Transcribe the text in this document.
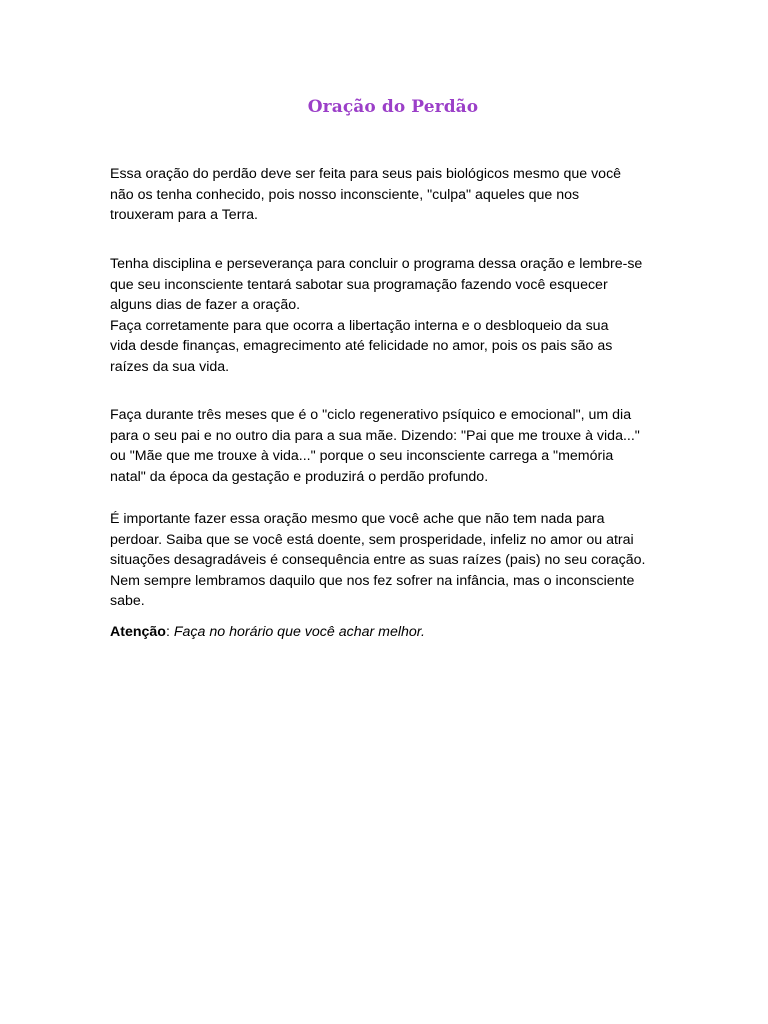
Oração do Perdão

Essa oração do perdão deve ser feita para seus pais biológicos mesmo que você
não os tenha conhecido, pois nosso inconsciente, "culpa" aqueles que nos
trouxeram para a Terra.

Tenha disciplina e perseverança para concluir o programa dessa oração e lembre-se
que seu inconsciente tentará sabotar sua programação fazendo você esquecer
alguns dias de fazer a oração.
Faça corretamente para que ocorra a libertação interna e o desbloqueio da sua
vida desde finanças, emagrecimento até felicidade no amor, pois os pais são as
raízes da sua vida.

Faça durante três meses que é o "ciclo regenerativo psíquico e emocional", um dia
para o seu pai e no outro dia para a sua mãe. Dizendo: "Pai que me trouxe à vida..."
ou "Mãe que me trouxe à vida..." porque o seu inconsciente carrega a "memória
natal" da época da gestação e produzirá o perdão profundo.

É importante fazer essa oração mesmo que você ache que não tem nada para
perdoar. Saiba que se você está doente, sem prosperidade, infeliz no amor ou atrai
situações desagradáveis é consequência entre as suas raízes (pais) no seu coração.
Nem sempre lembramos daquilo que nos fez sofrer na infância, mas o inconsciente
sabe.

Atenção: Faça no horário que você achar melhor.
